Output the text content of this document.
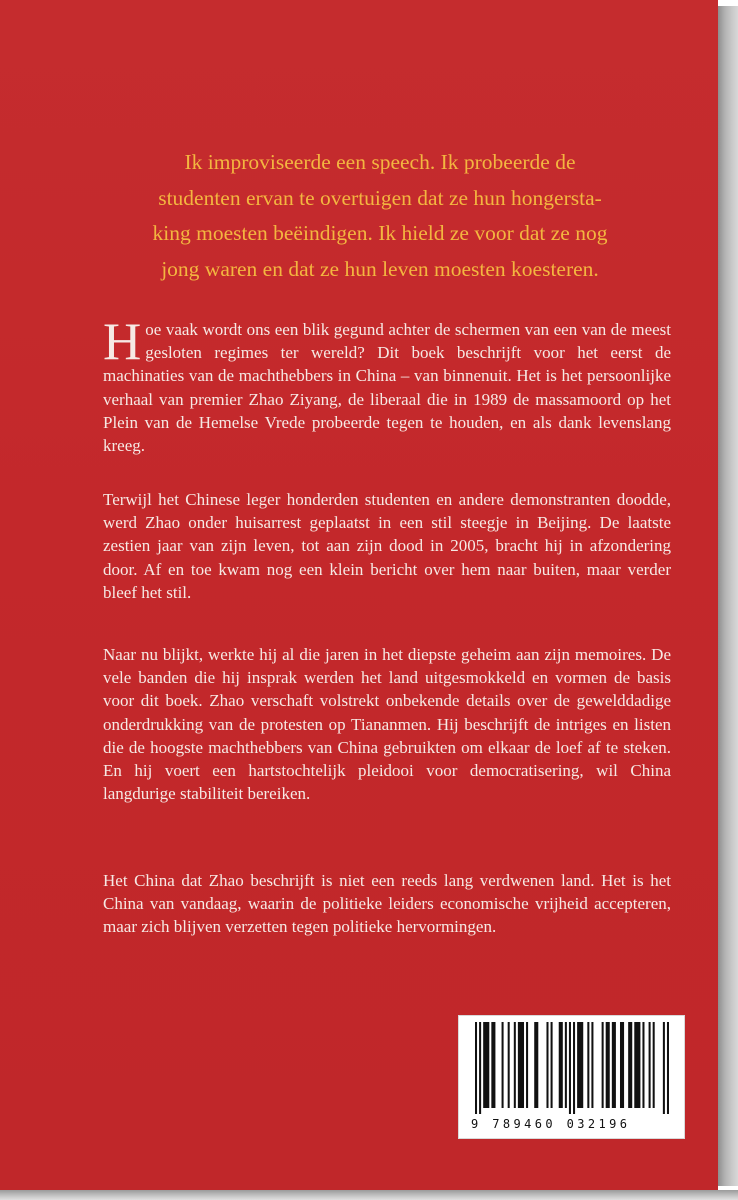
Ik improviseerde een speech. Ik probeerde de
studenten ervan te overtuigen dat ze hun hongersta-
king moesten beëindigen. Ik hield ze voor dat ze nog
jong waren en dat ze hun leven moesten koesteren.

Hoe vaak wordt ons een blik gegund achter de schermen van een van de meest gesloten regimes ter wereld? Dit boek beschrijft voor het eerst de machinaties van de machthebbers in China – van binnenuit. Het is het persoonlijke verhaal van premier Zhao Ziyang, de liberaal die in 1989 de massamoord op het Plein van de Hemelse Vrede probeerde tegen te houden, en als dank levenslang kreeg.

Terwijl het Chinese leger honderden studenten en andere demonstranten doodde, werd Zhao onder huisarrest geplaatst in een stil steegje in Beijing. De laatste zestien jaar van zijn leven, tot aan zijn dood in 2005, bracht hij in afzondering door. Af en toe kwam nog een klein bericht over hem naar buiten, maar verder bleef het stil.

Naar nu blijkt, werkte hij al die jaren in het diepste geheim aan zijn memoires. De vele banden die hij insprak werden het land uitgesmokkeld en vormen de basis voor dit boek. Zhao verschaft volstrekt onbekende details over de gewelddadige onderdrukking van de protesten op Tiananmen. Hij beschrijft de intriges en listen die de hoogste machthebbers van China gebruikten om elkaar de loef af te steken. En hij voert een hartstochtelijk pleidooi voor democratisering, wil China langdurige stabiliteit bereiken.

Het China dat Zhao beschrijft is niet een reeds lang verdwenen land. Het is het China van vandaag, waarin de politieke leiders economische vrijheid accepteren, maar zich blijven verzetten tegen politieke hervormingen.

9 789460 032196
